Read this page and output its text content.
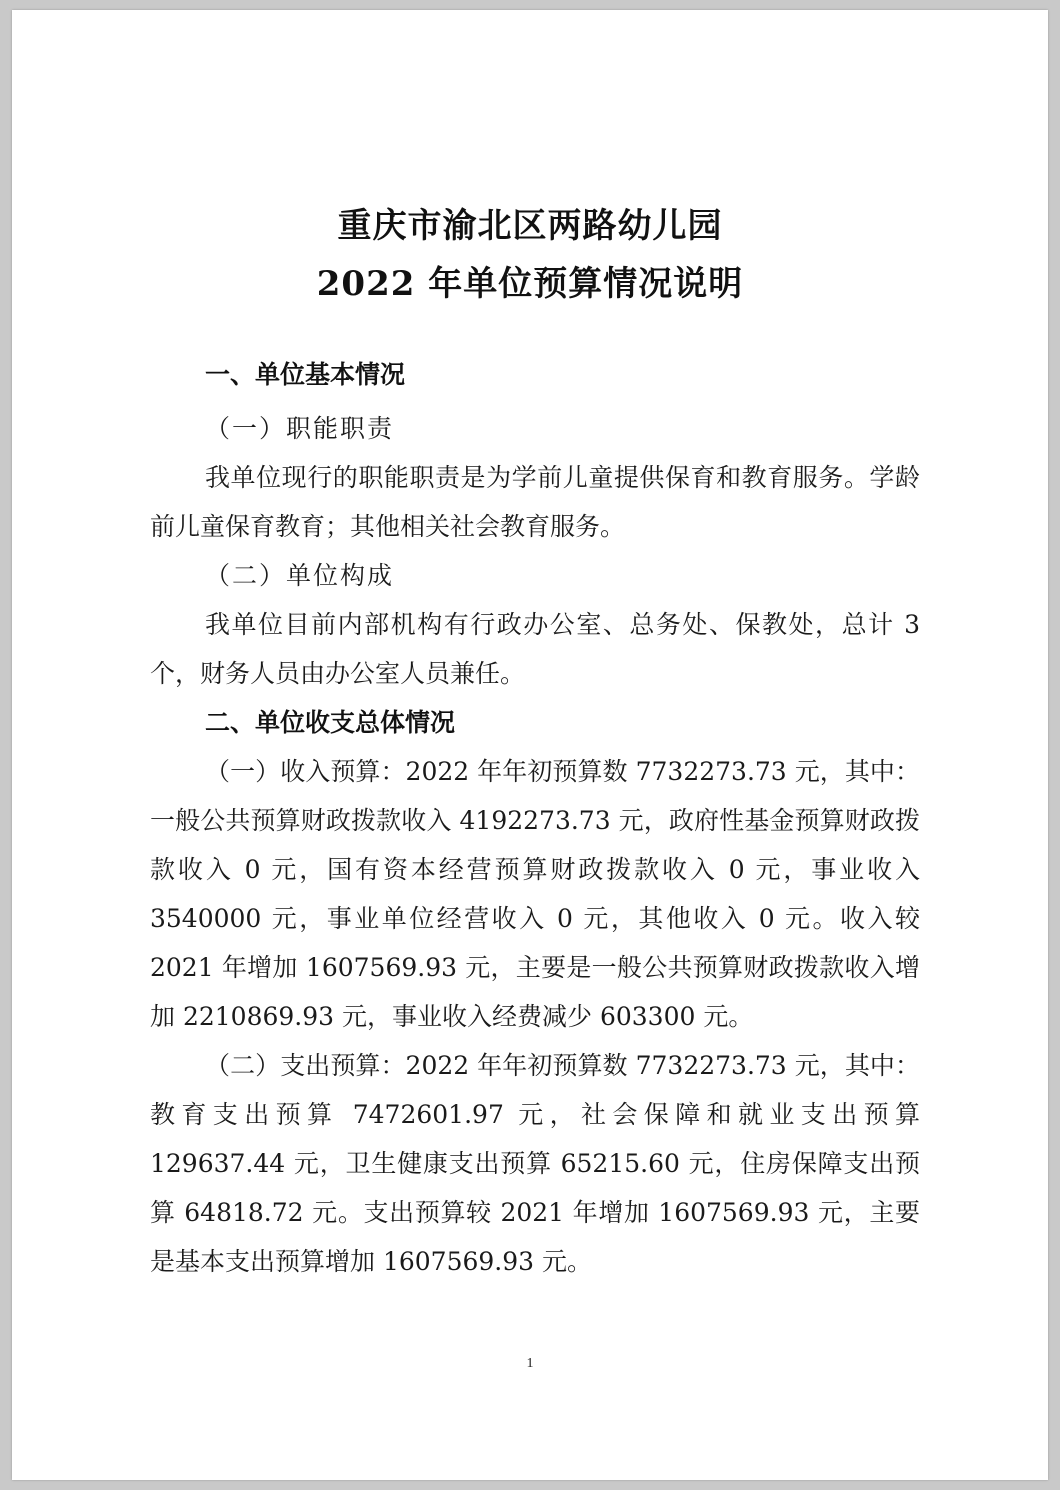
重庆市渝北区两路幼儿园
2022 年单位预算情况说明
一、单位基本情况
（一）职能职责
我单位现行的职能职责是为学前儿童提供保育和教育服务。学龄前儿童保育教育；其他相关社会教育服务。
（二）单位构成
我单位目前内部机构有行政办公室、总务处、保教处，总计 3 个，财务人员由办公室人员兼任。
二、单位收支总体情况
（一）收入预算：2022 年年初预算数 7732273.73 元，其中：一般公共预算财政拨款收入 4192273.73 元，政府性基金预算财政拨款收入 0 元，国有资本经营预算财政拨款收入 0 元，事业收入 3540000 元，事业单位经营收入 0 元，其他收入 0 元。收入较 2021 年增加 1607569.93 元，主要是一般公共预算财政拨款收入增加 2210869.93 元，事业收入经费减少 603300 元。
（二）支出预算：2022 年年初预算数 7732273.73 元，其中：教育支出预算 7472601.97 元，社会保障和就业支出预算 129637.44 元，卫生健康支出预算 65215.60 元，住房保障支出预算 64818.72 元。支出预算较 2021 年增加 1607569.93 元，主要是基本支出预算增加 1607569.93 元。
1
